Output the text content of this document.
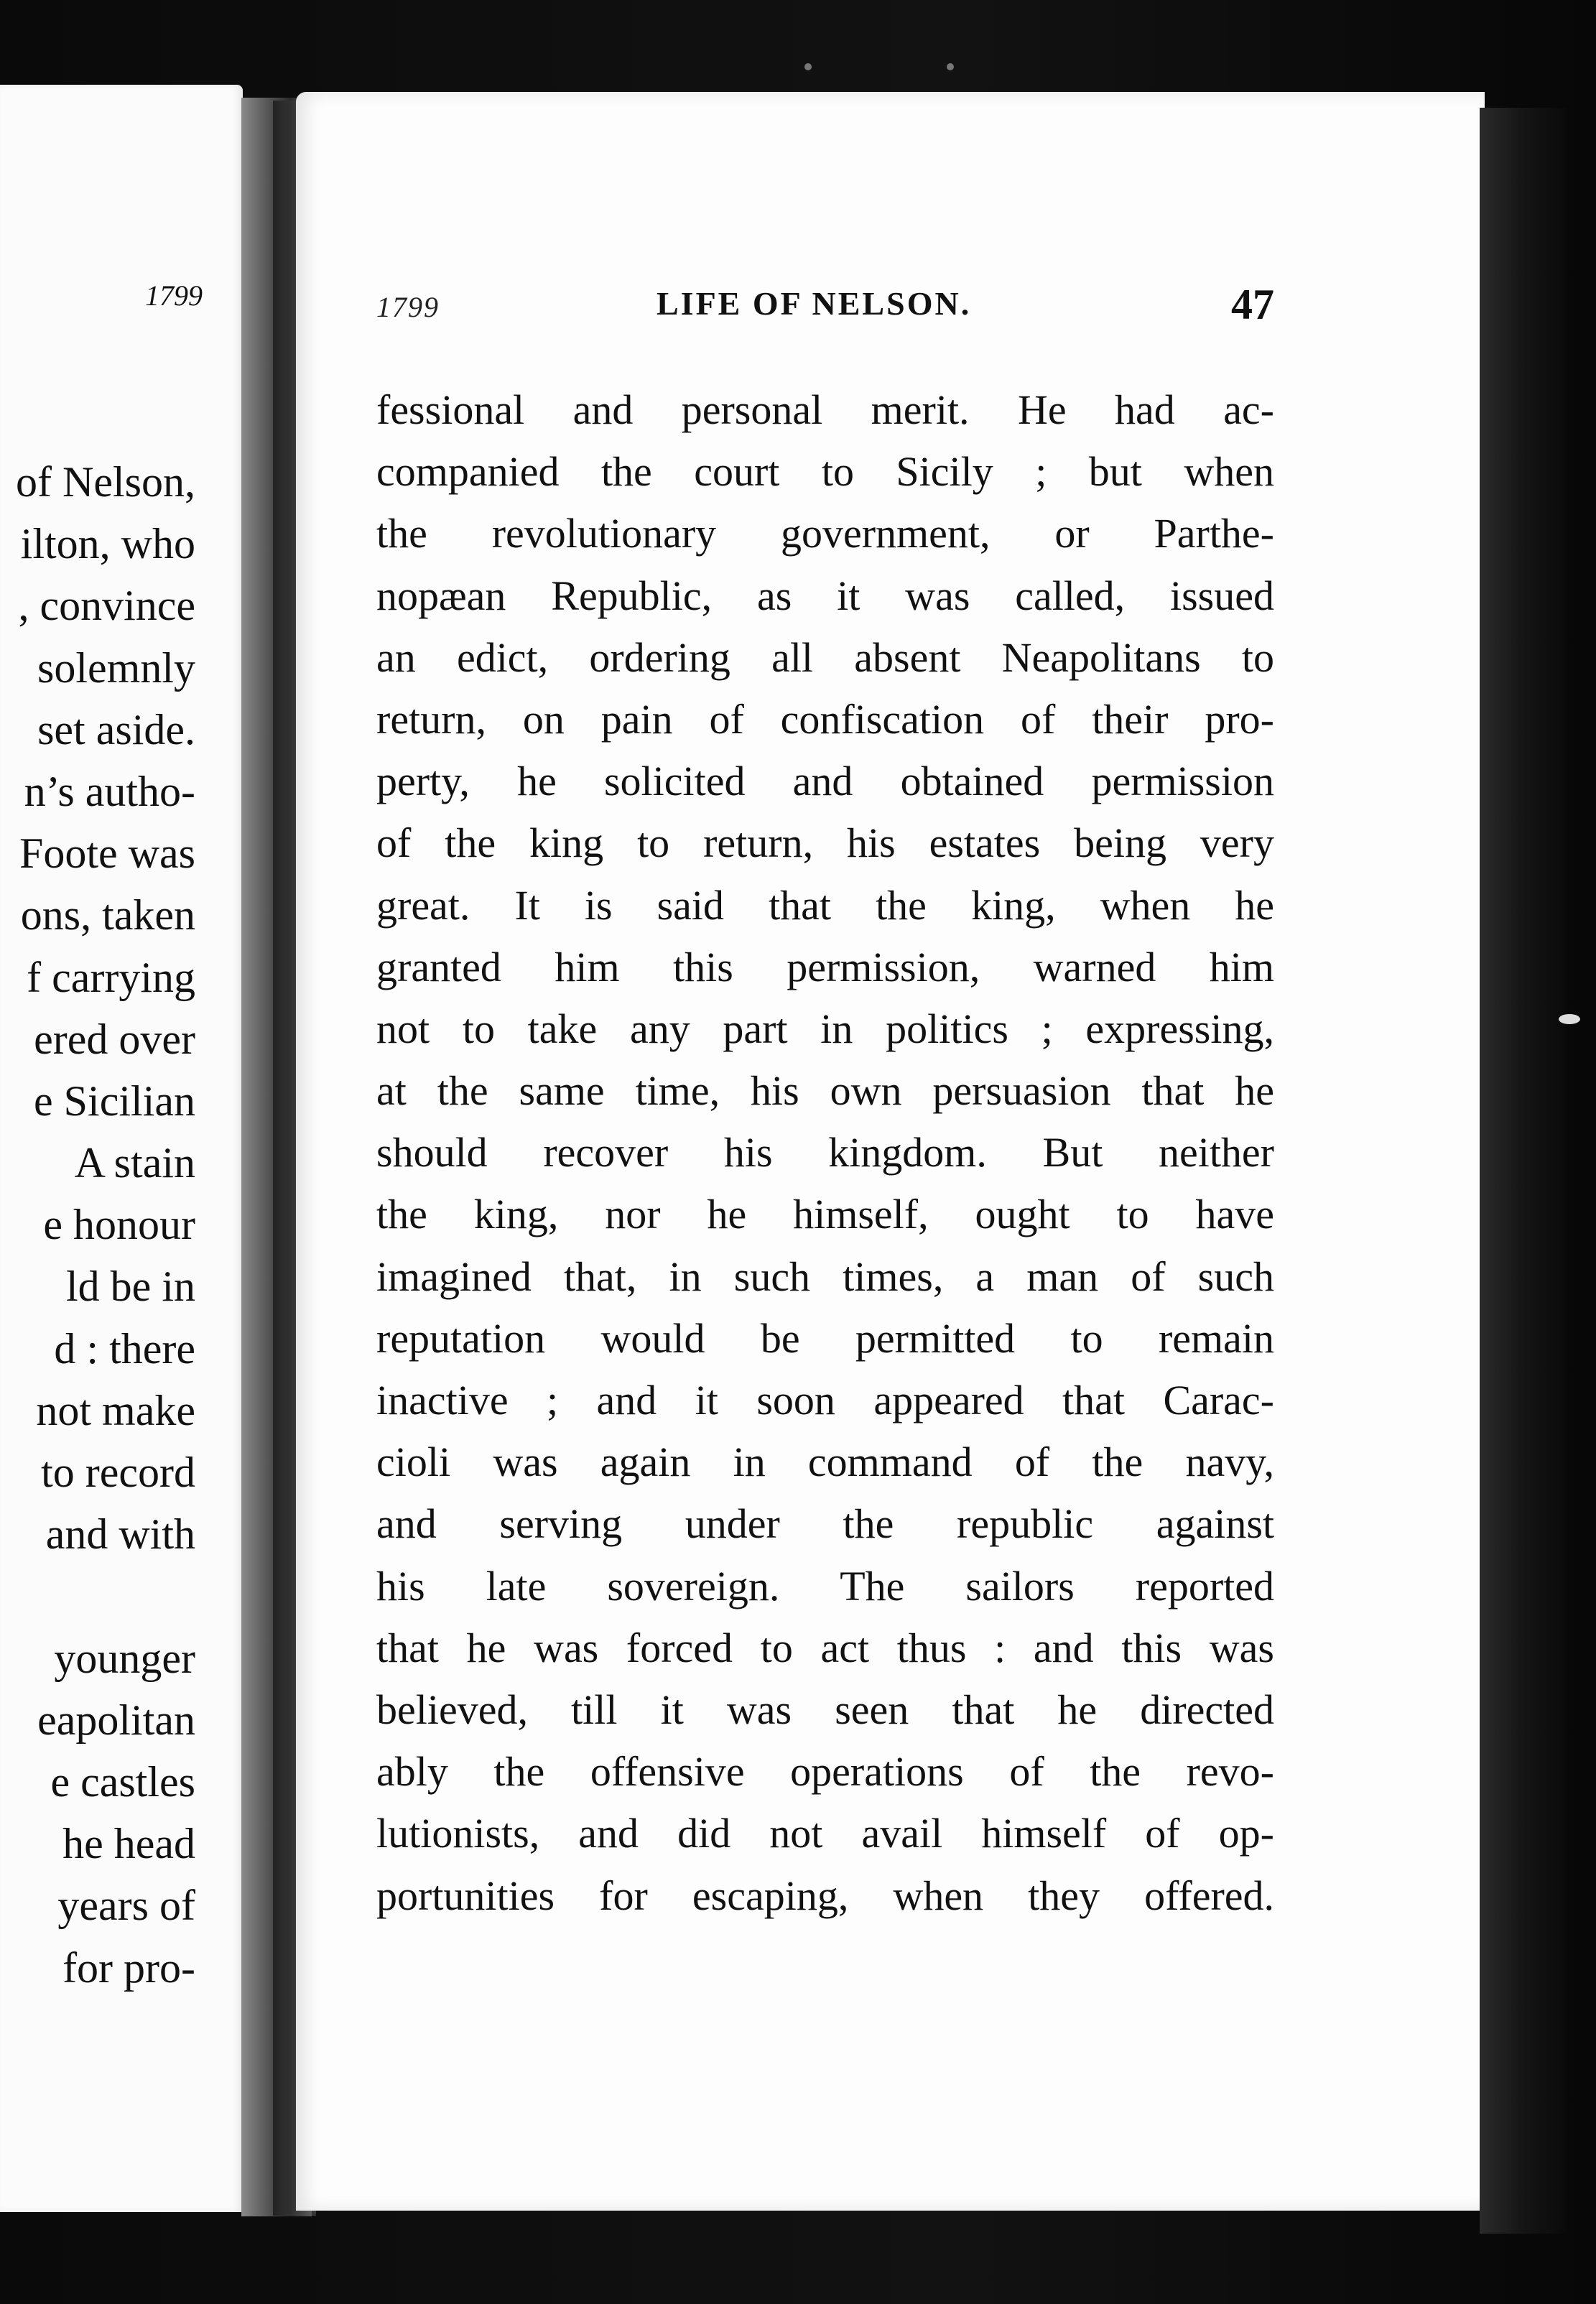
1799
of Nelson,
ilton, who
, convince
solemnly
set aside.
n’s autho-
Foote was
ons, taken
f carrying
ered over
e Sicilian
A stain
e honour
ld be in
d : there
not make
to record
and with
younger
eapolitan
e castles
he head
years of
for pro-
1799	LIFE OF NELSON.	47
fessional and personal merit. He had ac-
companied the court to Sicily ; but when
the revolutionary government, or Parthe-
nopæan Republic, as it was called, issued
an edict, ordering all absent Neapolitans to
return, on pain of confiscation of their pro-
perty, he solicited and obtained permission
of the king to return, his estates being very
great. It is said that the king, when he
granted him this permission, warned him
not to take any part in politics ; expressing,
at the same time, his own persuasion that he
should recover his kingdom. But neither
the king, nor he himself, ought to have
imagined that, in such times, a man of such
reputation would be permitted to remain
inactive ; and it soon appeared that Carac-
cioli was again in command of the navy,
and serving under the republic against
his late sovereign. The sailors reported
that he was forced to act thus : and this was
believed, till it was seen that he directed
ably the offensive operations of the revo-
lutionists, and did not avail himself of op-
portunities for escaping, when they offered.
